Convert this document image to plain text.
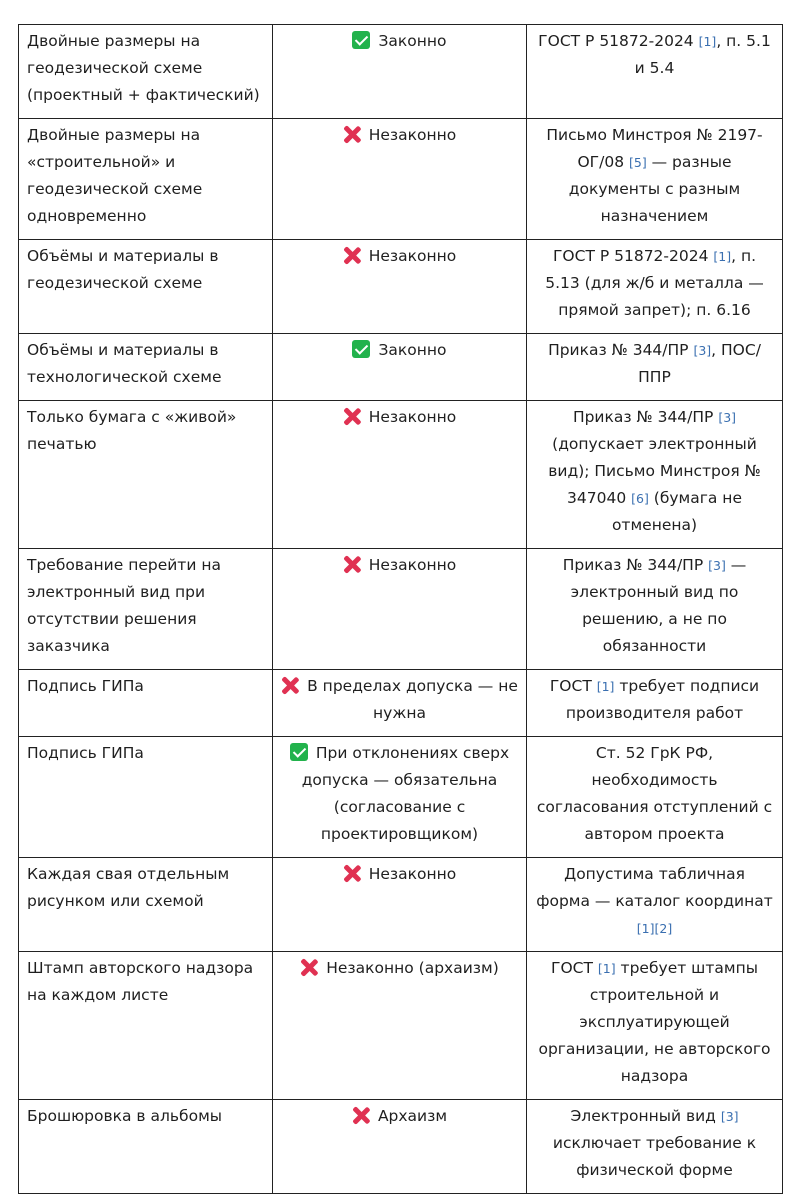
Двойные размеры на геодезической схеме (проектный + фактический)	Законно	ГОСТ Р 51872-2024 [1], п. 5.1 и 5.4
Двойные размеры на «строительной» и геодезической схеме одновременно	Незаконно	Письмо Минстроя № 2197-ОГ/08 [5] — разные документы с разным назначением
Объёмы и материалы в геодезической схеме	Незаконно	ГОСТ Р 51872-2024 [1], п. 5.13 (для ж/б и металла — прямой запрет); п. 6.16
Объёмы и материалы в технологической схеме	Законно	Приказ № 344/ПР [3], ПОС/ППР
Только бумага с «живой» печатью	Незаконно	Приказ № 344/ПР [3] (допускает электронный вид); Письмо Минстроя № 347040 [6] (бумага не отменена)
Требование перейти на электронный вид при отсутствии решения заказчика	Незаконно	Приказ № 344/ПР [3] — электронный вид по решению, а не по обязанности
Подпись ГИПа	В пределах допуска — не нужна	ГОСТ [1] требует подписи производителя работ
Подпись ГИПа	При отклонениях сверх допуска — обязательна (согласование с проектировщиком)	Ст. 52 ГрК РФ, необходимость согласования отступлений с автором проекта
Каждая свая отдельным рисунком или схемой	Незаконно	Допустима табличная форма — каталог координат [1][2]
Штамп авторского надзора на каждом листе	Незаконно (архаизм)	ГОСТ [1] требует штампы строительной и эксплуатирующей организации, не авторского надзора
Брошюровка в альбомы	Архаизм	Электронный вид [3] исключает требование к физической форме
